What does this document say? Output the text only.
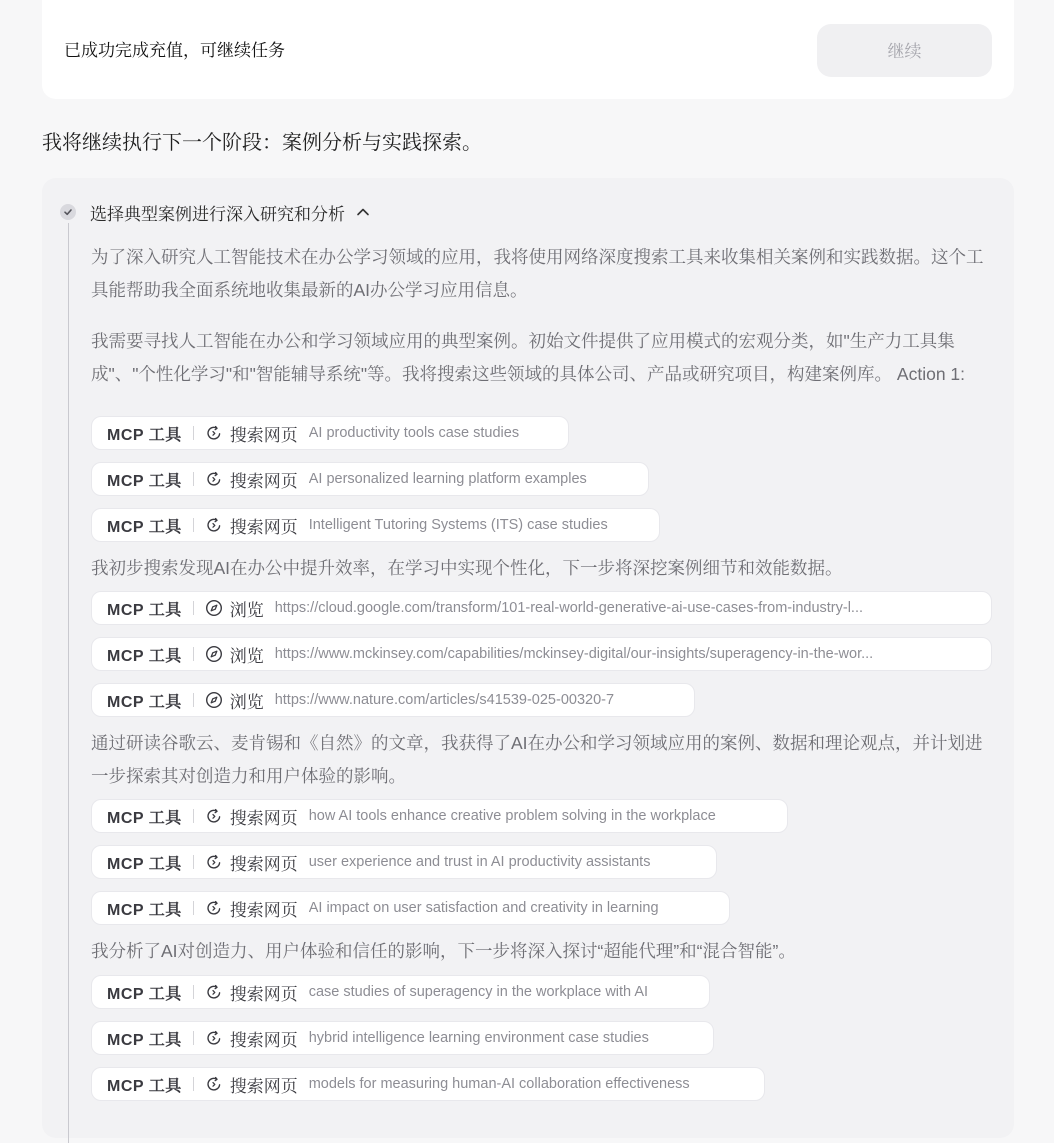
已成功完成充值，可继续任务	继续
我将继续执行下一个阶段：案例分析与实践探索。
选择典型案例进行深入研究和分析
为了深入研究人工智能技术在办公学习领域的应用，我将使用网络深度搜索工具来收集相关案例和实践数据。这个工具能帮助我全面系统地收集最新的AI办公学习应用信息。
我需要寻找人工智能在办公和学习领域应用的典型案例。初始文件提供了应用模式的宏观分类，如"生产力工具集成"、"个性化学习"和"智能辅导系统"等。我将搜索这些领域的具体公司、产品或研究项目，构建案例库。 Action 1:
MCP 工具	搜索网页 AI productivity tools case studies
MCP 工具	搜索网页 AI personalized learning platform examples
MCP 工具	搜索网页 Intelligent Tutoring Systems (ITS) case studies
我初步搜索发现AI在办公中提升效率，在学习中实现个性化，下一步将深挖案例细节和效能数据。
MCP 工具	浏览 https://cloud.google.com/transform/101-real-world-generative-ai-use-cases-from-industry-l...
MCP 工具	浏览 https://www.mckinsey.com/capabilities/mckinsey-digital/our-insights/superagency-in-the-wor...
MCP 工具	浏览 https://www.nature.com/articles/s41539-025-00320-7
通过研读谷歌云、麦肯锡和《自然》的文章，我获得了AI在办公和学习领域应用的案例、数据和理论观点，并计划进一步探索其对创造力和用户体验的影响。
MCP 工具	搜索网页 how AI tools enhance creative problem solving in the workplace
MCP 工具	搜索网页 user experience and trust in AI productivity assistants
MCP 工具	搜索网页 AI impact on user satisfaction and creativity in learning
我分析了AI对创造力、用户体验和信任的影响，下一步将深入探讨“超能代理”和“混合智能”。
MCP 工具	搜索网页 case studies of superagency in the workplace with AI
MCP 工具	搜索网页 hybrid intelligence learning environment case studies
MCP 工具	搜索网页 models for measuring human-AI collaboration effectiveness
